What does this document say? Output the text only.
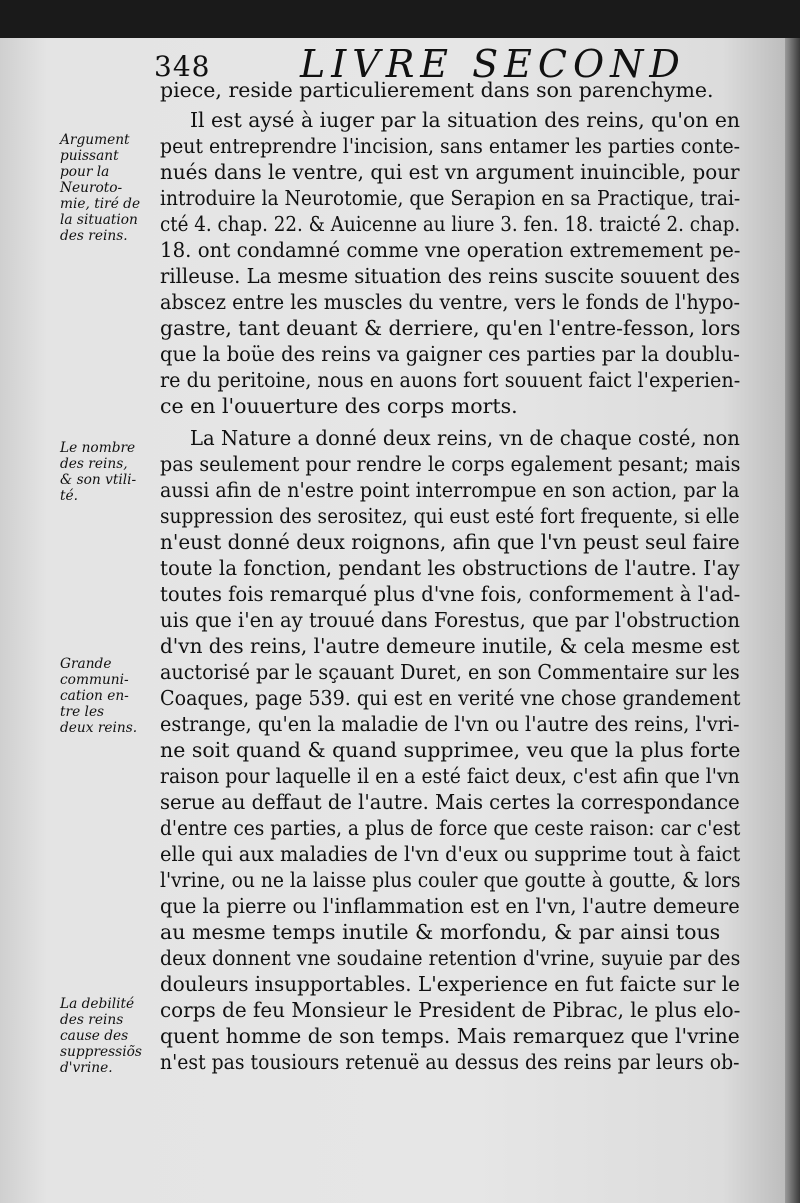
348 LIVRE SECOND
Argument
puissant
pour la
Neuroto-
mie, tiré de
la situation
des reins.
Le nombre
des reins,
& son vtili-
té.
Grande
communi-
cation en-
tre les
deux reins.
La debilité
des reins
cause des
suppressiõs
d'vrine.
piece, reside particulierement dans son parenchyme.
Il est aysé à iuger par la situation des reins, qu'on en
peut entreprendre l'incision, sans entamer les parties conte-
nués dans le ventre, qui est vn argument inuincible, pour
introduire la Neurotomie, que Serapion en sa Practique, trai-
cté 4. chap. 22. & Auicenne au liure 3. fen. 18. traicté 2. chap.
18. ont condamné comme vne operation extremement pe-
rilleuse. La mesme situation des reins suscite souuent des
abscez entre les muscles du ventre, vers le fonds de l'hypo-
gastre, tant deuant & derriere, qu'en l'entre-fesson, lors
que la boüe des reins va gaigner ces parties par la doublu-
re du peritoine, nous en auons fort souuent faict l'experien-
ce en l'ouuerture des corps morts.
La Nature a donné deux reins, vn de chaque costé, non
pas seulement pour rendre le corps egalement pesant; mais
aussi afin de n'estre point interrompue en son action, par la
suppression des serositez, qui eust esté fort frequente, si elle
n'eust donné deux roignons, afin que l'vn peust seul faire
toute la fonction, pendant les obstructions de l'autre. I'ay
toutes fois remarqué plus d'vne fois, conformement à l'ad-
uis que i'en ay trouué dans Forestus, que par l'obstruction
d'vn des reins, l'autre demeure inutile, & cela mesme est
auctorisé par le sçauant Duret, en son Commentaire sur les
Coaques, page 539. qui est en verité vne chose grandement
estrange, qu'en la maladie de l'vn ou l'autre des reins, l'vri-
ne soit quand & quand supprimee, veu que la plus forte
raison pour laquelle il en a esté faict deux, c'est afin que l'vn
serue au deffaut de l'autre. Mais certes la correspondance
d'entre ces parties, a plus de force que ceste raison: car c'est
elle qui aux maladies de l'vn d'eux ou supprime tout à faict
l'vrine, ou ne la laisse plus couler que goutte à goutte, & lors
que la pierre ou l'inflammation est en l'vn, l'autre demeure
au mesme temps inutile & morfondu, & par ainsi tous
deux donnent vne soudaine retention d'vrine, suyuie par des
douleurs insupportables. L'experience en fut faicte sur le
corps de feu Monsieur le President de Pibrac, le plus elo-
quent homme de son temps. Mais remarquez que l'vrine
n'est pas tousiours retenuë au dessus des reins par leurs ob-
